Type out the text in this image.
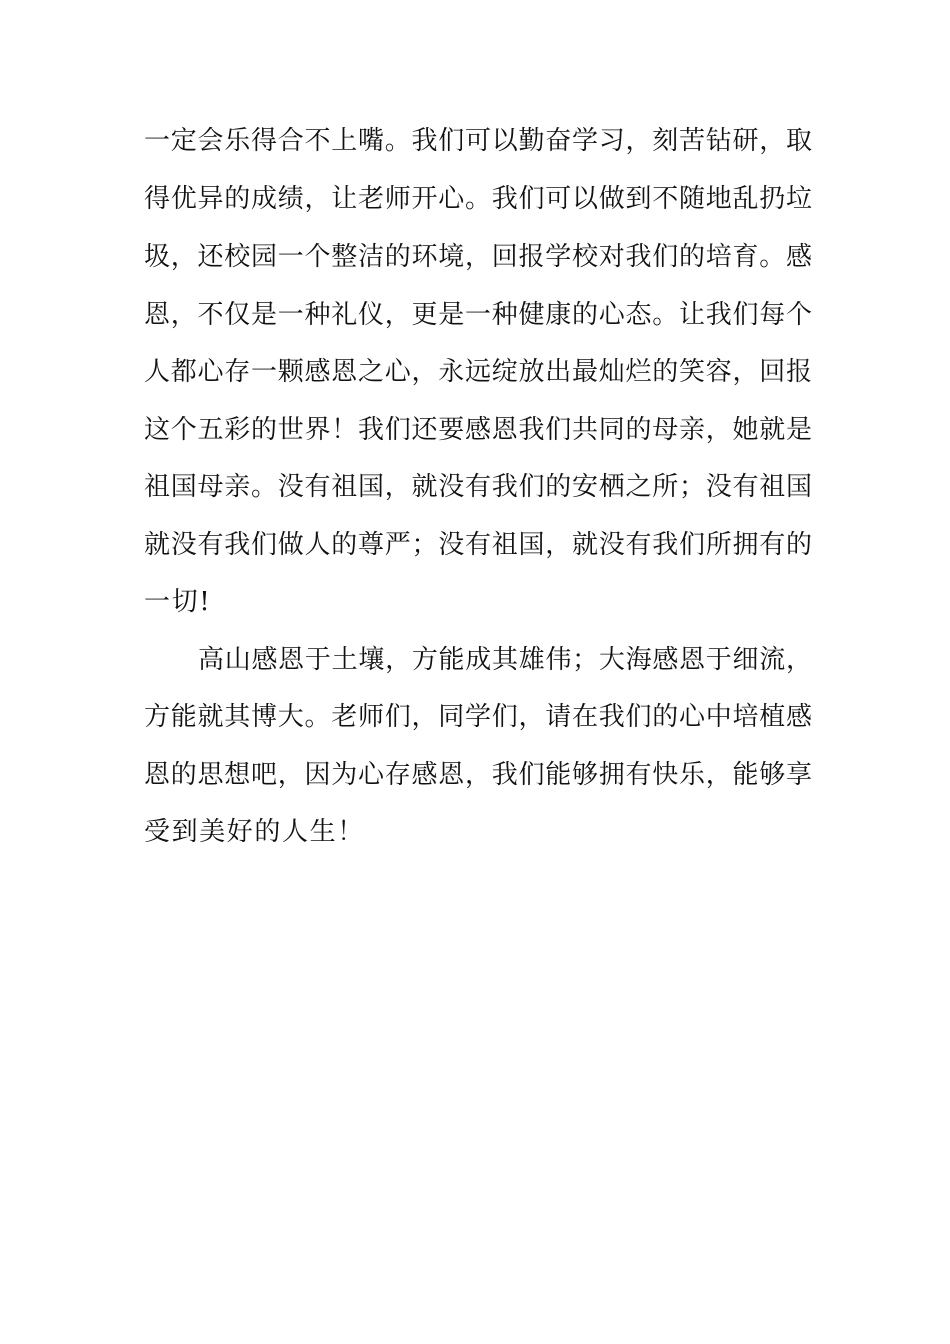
一定会乐得合不上嘴。我们可以勤奋学习，刻苦钻研，取
得优异的成绩，让老师开心。我们可以做到不随地乱扔垃
圾，还校园一个整洁的环境，回报学校对我们的培育。感
恩，不仅是一种礼仪，更是一种健康的心态。让我们每个
人都心存一颗感恩之心，永远绽放出最灿烂的笑容，回报
这个五彩的世界！我们还要感恩我们共同的母亲，她就是
祖国母亲。没有祖国，就没有我们的安栖之所；没有祖国
就没有我们做人的尊严；没有祖国，就没有我们所拥有的
一切!
高山感恩于土壤，方能成其雄伟；大海感恩于细流，
方能就其博大。老师们，同学们，请在我们的心中培植感
恩的思想吧，因为心存感恩，我们能够拥有快乐，能够享
受到美好的人生！
